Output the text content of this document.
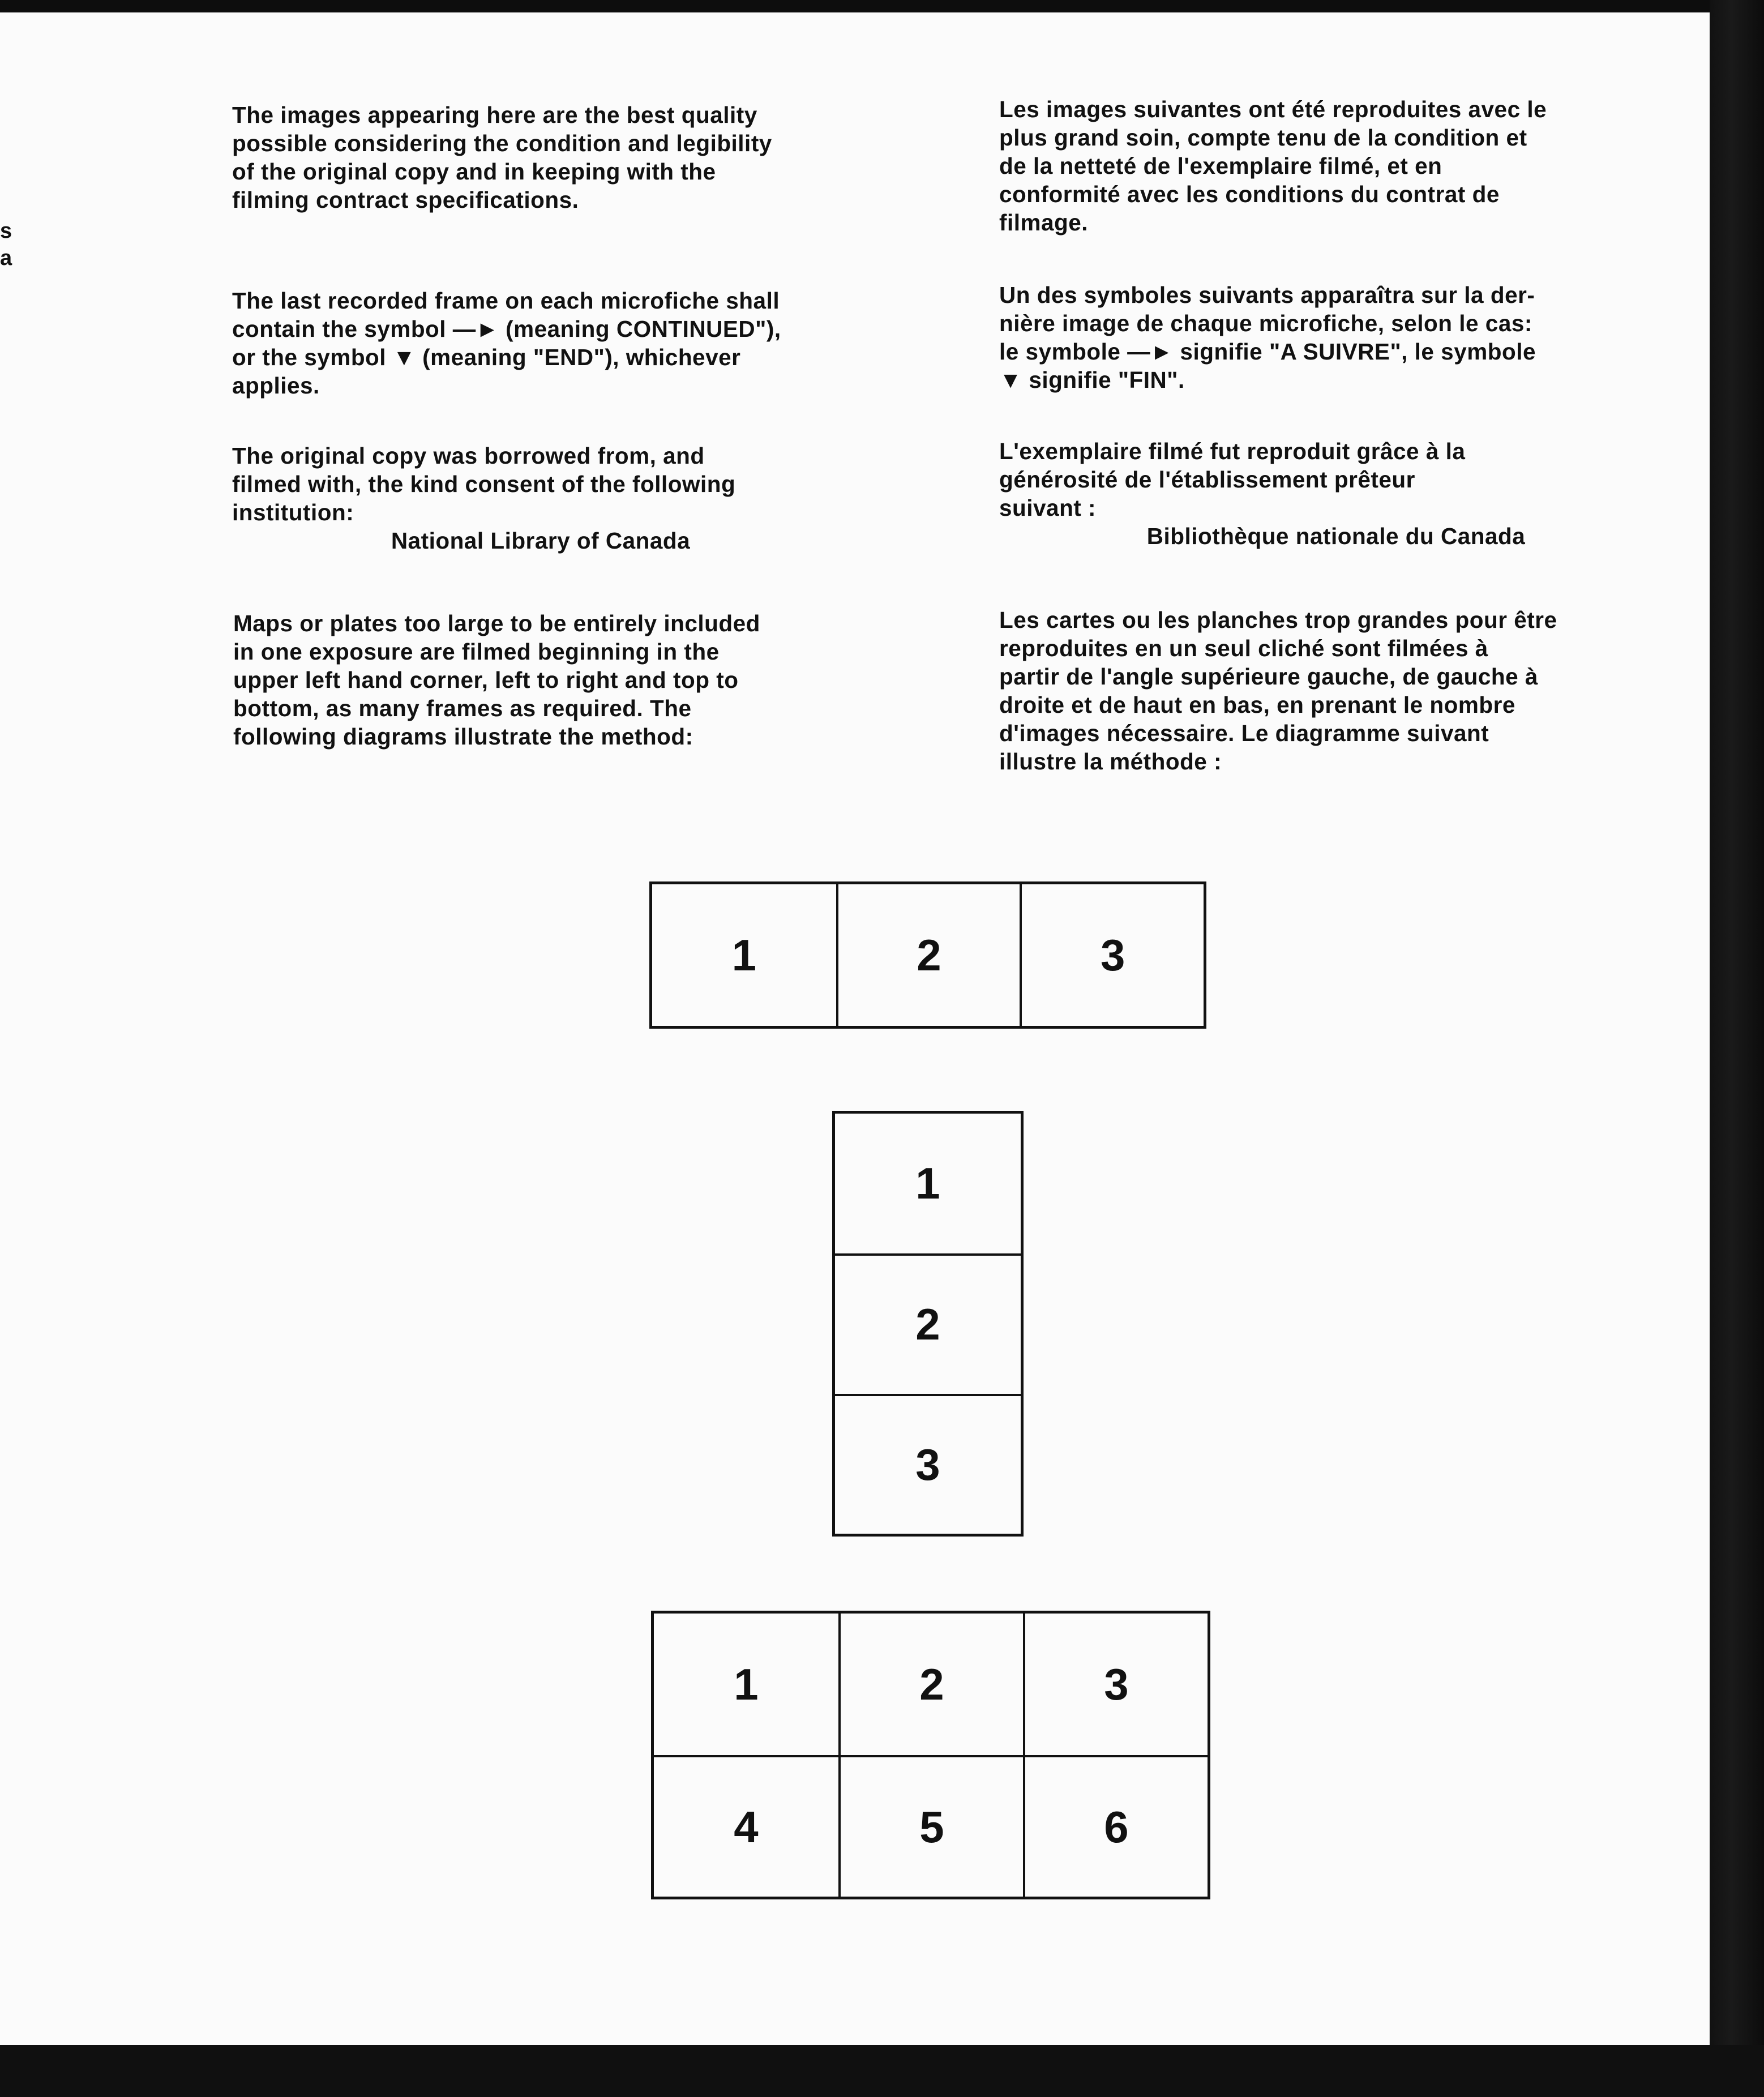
s
a

The images appearing here are the best quality
possible considering the condition and legibility
of the original copy and in keeping with the
filming contract specifications.

The last recorded frame on each microfiche shall
contain the symbol —► (meaning CONTINUED"),
or the symbol ▼ (meaning "END"), whichever
applies.

The original copy was borrowed from, and
filmed with, the kind consent of the following
institution:

National Library of Canada

Maps or plates too large to be entirely included
in one exposure are filmed beginning in the
upper left hand corner, left to right and top to
bottom, as many frames as required. The
following diagrams illustrate the method:

Les images suivantes ont été reproduites avec le
plus grand soin, compte tenu de la condition et
de la netteté de l'exemplaire filmé, et en
conformité avec les conditions du contrat de
filmage.

Un des symboles suivants apparaîtra sur la der-
nière image de chaque microfiche, selon le cas:
le symbole —► signifie "A SUIVRE", le symbole
▼ signifie "FIN".

L'exemplaire filmé fut reproduit grâce à la
générosité de l'établissement prêteur
suivant :

Bibliothèque nationale du Canada

Les cartes ou les planches trop grandes pour être
reproduites en un seul cliché sont filmées à
partir de l'angle supérieure gauche, de gauche à
droite et de haut en bas, en prenant le nombre
d'images nécessaire. Le diagramme suivant
illustre la méthode :

1	2	3
1
2
3
1	2	3
4	5	6
